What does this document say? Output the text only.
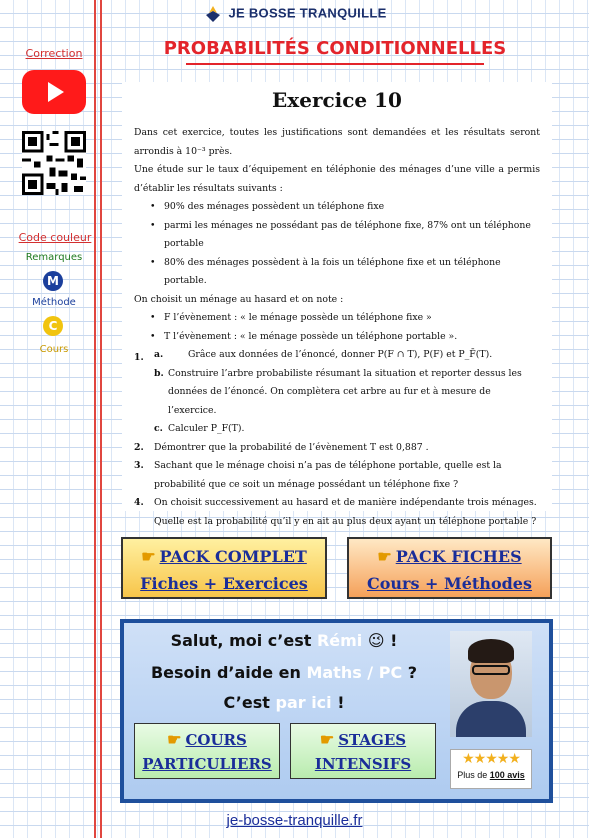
JE BOSSE TRANQUILLE
PROBABILITÉS CONDITIONNELLES
Correction
Code couleur
Remarques
M
Méthode
C
Cours
Exercice 10

Dans cet exercice, toutes les justifications sont demandées et les résultats seront arrondis à 10⁻³ près.

Une étude sur le taux d’équipement en téléphonie des ménages d’une ville a permis d’établir les résultats suivants :

• 90% des ménages possèdent un téléphone fixe
• parmi les ménages ne possédant pas de téléphone fixe, 87% ont un téléphone portable
• 80% des ménages possèdent à la fois un téléphone fixe et un téléphone portable.

On choisit un ménage au hasard et on note :

• F l’évènement : « le ménage possède un téléphone fixe »
• T l’évènement : « le ménage possède un téléphone portable ».
1. a.	Grâce aux données de l’énoncé, donner P(F ∩ T), P(F) et P_F̄(T).
b. Construire l’arbre probabiliste résumant la situation et reporter dessus les
données de l’énoncé. On complètera cet arbre au fur et à mesure de l’exercice.
c. Calculer P_F(T).
2. Démontrer que la probabilité de l’évènement T est 0,887 .
3. Sachant que le ménage choisi n’a pas de téléphone portable, quelle est la probabilité que ce soit un ménage possédant un téléphone fixe ?
4. On choisit successivement au hasard et de manière indépendante trois ménages. Quelle est la probabilité qu’il y en ait au plus deux ayant un téléphone portable ?
☛ PACK COMPLET
Fiches + Exercices
☛ PACK FICHES
Cours + Méthodes
Salut, moi c’est Rémi 😉 !
Besoin d’aide en Maths / PC ?
C’est par ici !
★★★★★
Plus de 100 avis
☛ COURS
PARTICULIERS
☛ STAGES
INTENSIFS
je-bosse-tranquille.fr
